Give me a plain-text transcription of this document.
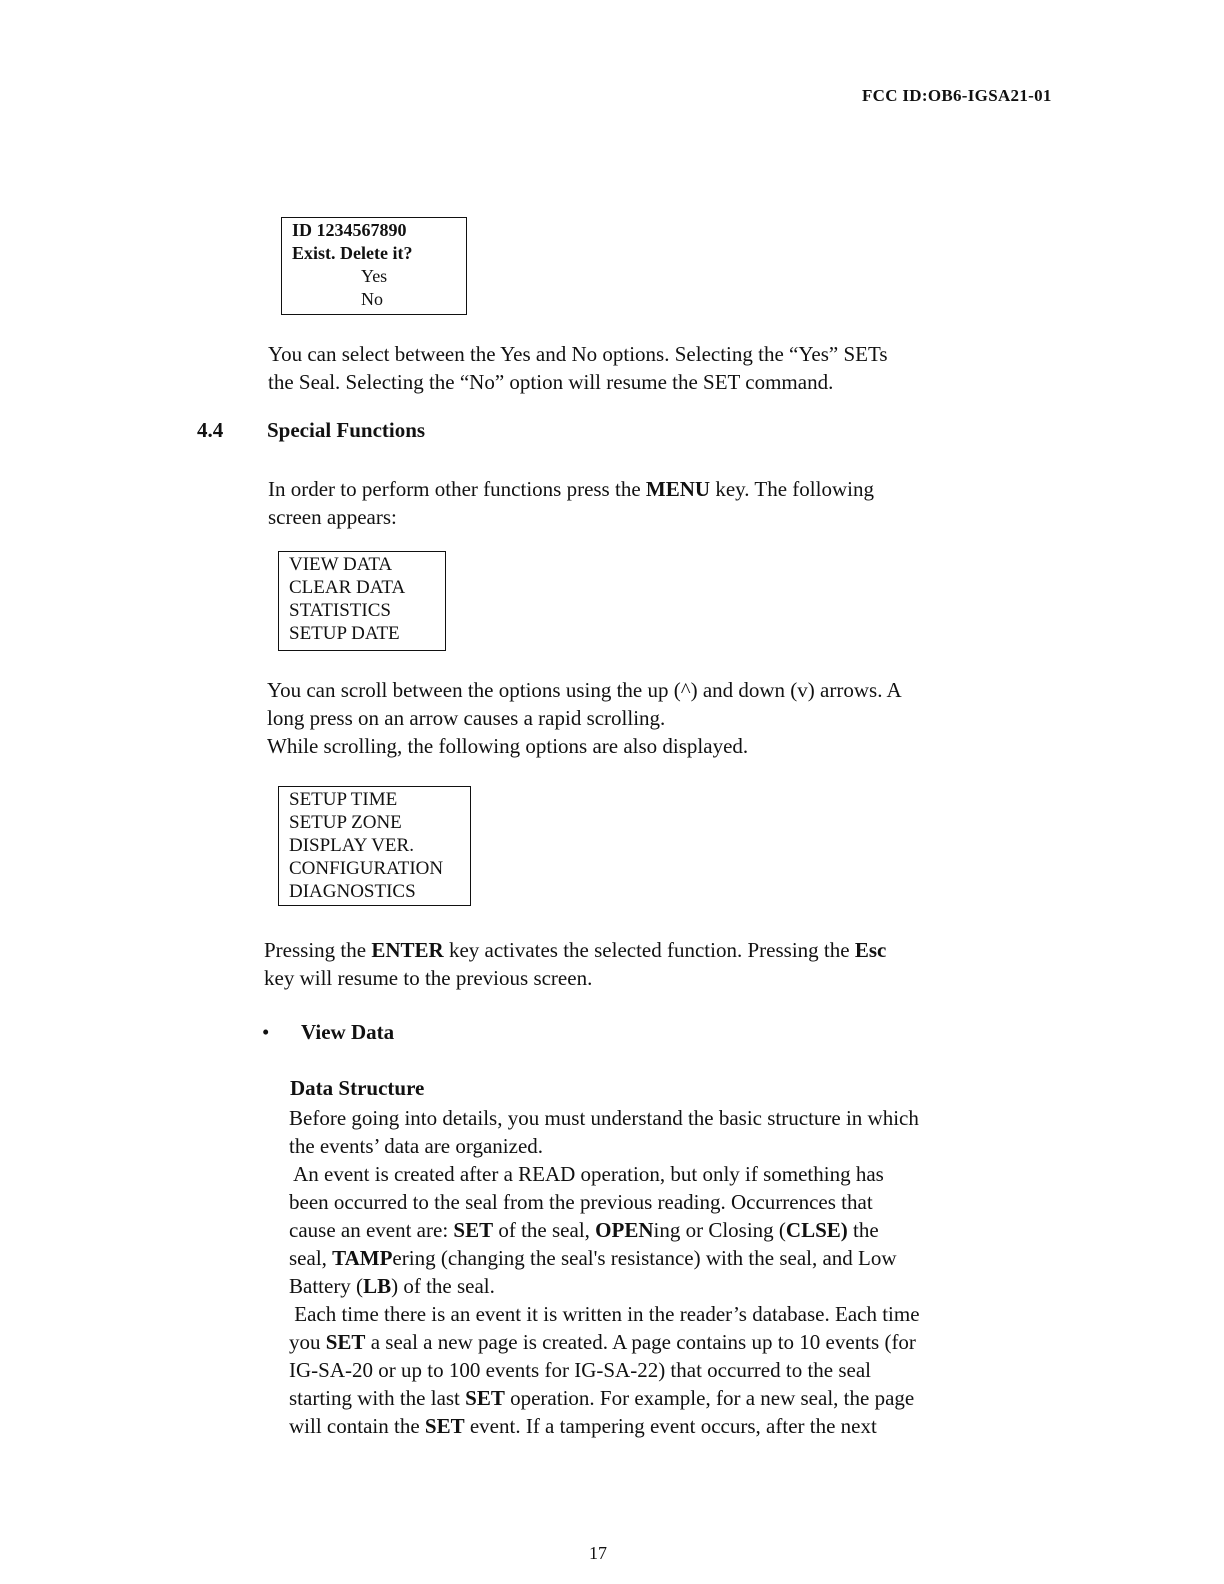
FCC ID:OB6-IGSA21-01
ID 1234567890
Exist. Delete it?
Yes
No
You can select between the Yes and No options. Selecting the “Yes” SETs
the Seal. Selecting the “No” option will resume the SET command.
4.4 Special Functions
In order to perform other functions press the MENU key. The following
screen appears:
VIEW DATA
CLEAR DATA
STATISTICS
SETUP DATE
You can scroll between the options using the up (^) and down (v) arrows. A
long press on an arrow causes a rapid scrolling.
While scrolling, the following options are also displayed.
SETUP TIME
SETUP ZONE
DISPLAY VER.
CONFIGURATION
DIAGNOSTICS
Pressing the ENTER key activates the selected function. Pressing the Esc
key will resume to the previous screen.
• View Data
Data Structure
Before going into details, you must understand the basic structure in which
the events’ data are organized.
An event is created after a READ operation, but only if something has
been occurred to the seal from the previous reading. Occurrences that
cause an event are: SET of the seal, OPENing or Closing (CLSE) the
seal, TAMPering (changing the seal's resistance) with the seal, and Low
Battery (LB) of the seal.
Each time there is an event it is written in the reader’s database. Each time
you SET a seal a new page is created. A page contains up to 10 events (for
IG-SA-20 or up to 100 events for IG-SA-22) that occurred to the seal
starting with the last SET operation. For example, for a new seal, the page
will contain the SET event. If a tampering event occurs, after the next
17
